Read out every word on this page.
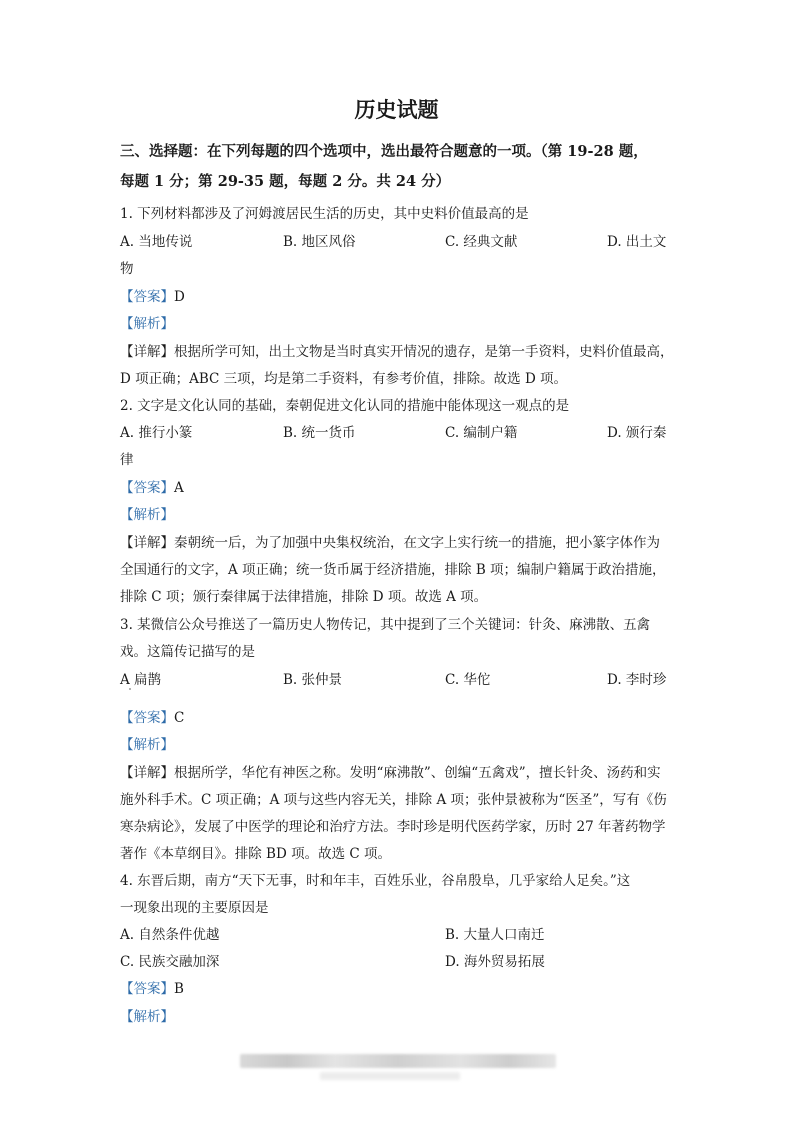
历史试题
三、选择题：在下列每题的四个选项中，选出最符合题意的一项。（第 19-28 题，
每题 1 分；第 29-35 题，每题 2 分。共 24 分）
1. 下列材料都涉及了河姆渡居民生活的历史，其中史料价值最高的是
A. 当地传说	B. 地区风俗	C. 经典文献	D. 出土文
物
【答案】D
【解析】
【详解】根据所学可知，出土文物是当时真实开情况的遗存，是第一手资料，史料价值最高，
D 项正确；ABC 三项，均是第二手资料，有参考价值，排除。故选 D 项。
2. 文字是文化认同的基础，秦朝促进文化认同的措施中能体现这一观点的是
A. 推行小篆	B. 统一货币	C. 编制户籍	D. 颁行秦
律
【答案】A
【解析】
【详解】秦朝统一后，为了加强中央集权统治，在文字上实行统一的措施，把小篆字体作为
全国通行的文字，A 项正确；统一货币属于经济措施，排除 B 项；编制户籍属于政治措施，
排除 C 项；颁行秦律属于法律措施，排除 D 项。故选 A 项。
3. 某微信公众号推送了一篇历史人物传记，其中提到了三个关键词：针灸、麻沸散、五禽
戏。这篇传记描写的是
A 扁鹊	B. 张仲景	C. 华佗	D. 李时珍
【答案】C
【解析】
【详解】根据所学，华佗有神医之称。发明“麻沸散”、创编“五禽戏”，擅长针灸、汤药和实
施外科手术。C 项正确；A 项与这些内容无关，排除 A 项；张仲景被称为“医圣”，写有《伤
寒杂病论》，发展了中医学的理论和治疗方法。李时珍是明代医药学家，历时 27 年著药物学
著作《本草纲目》。排除 BD 项。故选 C 项。
4. 东晋后期，南方“天下无事，时和年丰，百姓乐业，谷帛殷阜，几乎家给人足矣。”这
一现象出现的主要原因是
A. 自然条件优越	B. 大量人口南迁
C. 民族交融加深	D. 海外贸易拓展
【答案】B
【解析】
